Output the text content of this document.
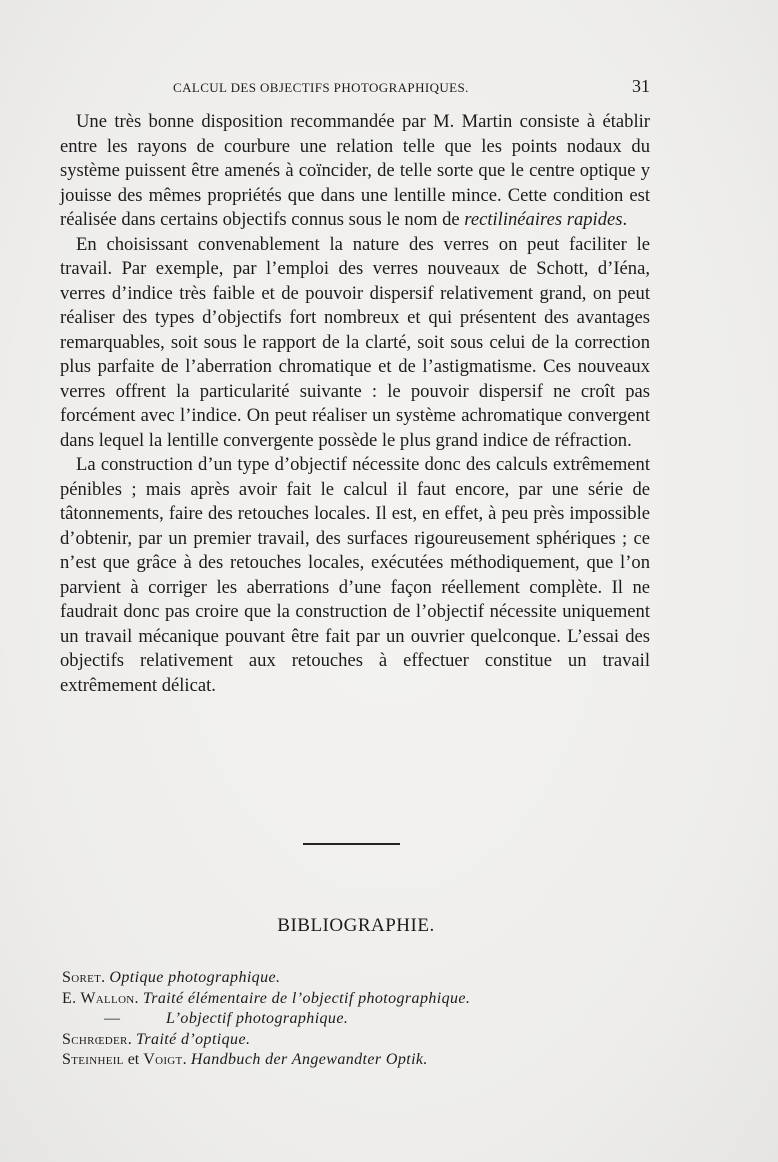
CALCUL DES OBJECTIFS PHOTOGRAPHIQUES.	31

Une très bonne disposition recommandée par M. Martin consiste à établir entre les rayons de courbure une relation telle que les points nodaux du système puissent être amenés à coïncider, de telle sorte que le centre optique y jouisse des mêmes propriétés que dans une lentille mince. Cette condition est réalisée dans certains objectifs connus sous le nom de rectilinéaires rapides.

En choisissant convenablement la nature des verres on peut faciliter le travail. Par exemple, par l’emploi des verres nouveaux de Schott, d’Iéna, verres d’indice très faible et de pouvoir dispersif relativement grand, on peut réaliser des types d’objectifs fort nombreux et qui présentent des avantages remarquables, soit sous le rapport de la clarté, soit sous celui de la correction plus parfaite de l’aberration chromatique et de l’astigmatisme. Ces nouveaux verres offrent la particularité suivante : le pouvoir dispersif ne croît pas forcément avec l’indice. On peut réaliser un système achromatique convergent dans lequel la lentille convergente possède le plus grand indice de réfraction.

La construction d’un type d’objectif nécessite donc des calculs extrêmement pénibles ; mais après avoir fait le calcul il faut encore, par une série de tâtonnements, faire des retouches locales. Il est, en effet, à peu près impossible d’obtenir, par un premier travail, des surfaces rigoureusement sphériques ; ce n’est que grâce à des retouches locales, exécutées méthodiquement, que l’on parvient à corriger les aberrations d’une façon réellement complète. Il ne faudrait donc pas croire que la construction de l’objectif nécessite uniquement un travail mécanique pouvant être fait par un ouvrier quelconque. L’essai des objectifs relativement aux retouches à effectuer constitue un travail extrêmement délicat.

BIBLIOGRAPHIE.
Soret. Optique photographique.
E. Wallon. Traité élémentaire de l’objectif photographique.
—	L’objectif photographique.
Schrœder. Traité d’optique.
Steinheil et Voigt. Handbuch der Angewandter Optik.
